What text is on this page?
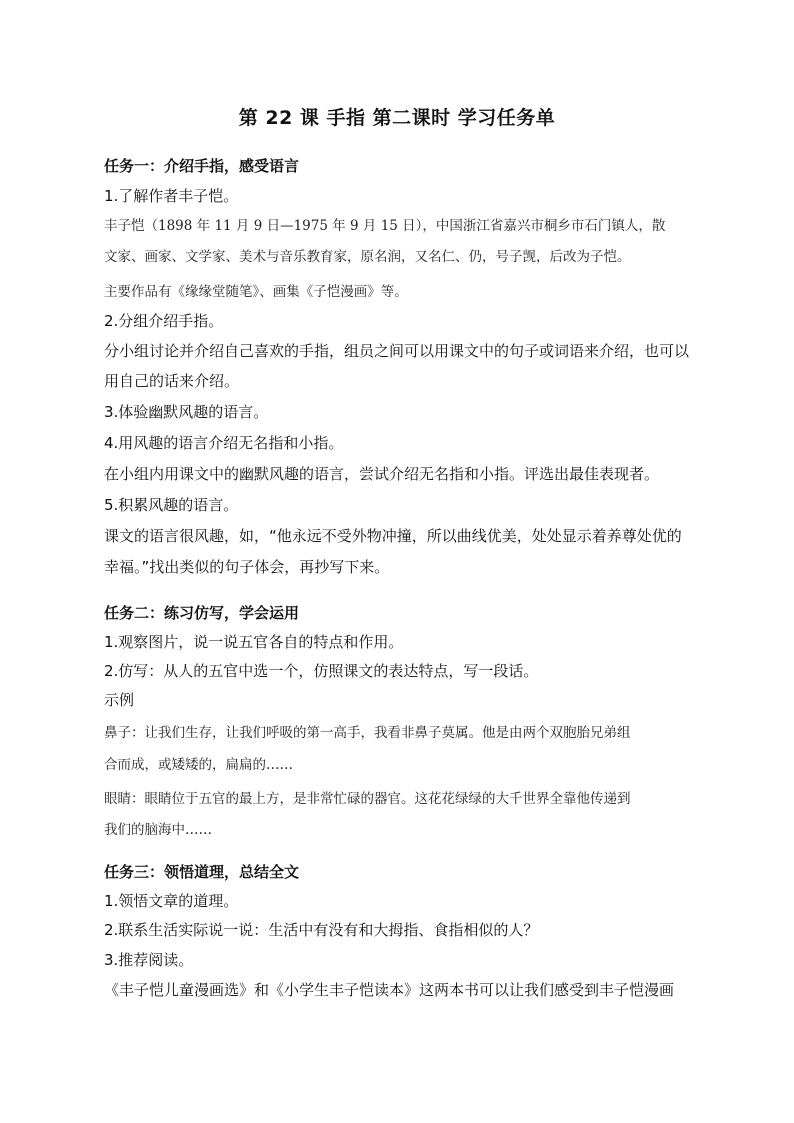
第 22 课 手指 第二课时 学习任务单
任务一：介绍手指，感受语言
1.了解作者丰子恺。
丰子恺（1898 年 11 月 9 日—1975 年 9 月 15 日），中国浙江省嘉兴市桐乡市石门镇人，散
文家、画家、文学家、美术与音乐教育家，原名润，又名仁、仍，号子觊，后改为子恺。
主要作品有《缘缘堂随笔》、画集《子恺漫画》等。
2.分组介绍手指。
分小组讨论并介绍自己喜欢的手指，组员之间可以用课文中的句子或词语来介绍，也可以
用自己的话来介绍。
3.体验幽默风趣的语言。
4.用风趣的语言介绍无名指和小指。
在小组内用课文中的幽默风趣的语言，尝试介绍无名指和小指。评选出最佳表现者。
5.积累风趣的语言。
课文的语言很风趣，如，“他永远不受外物冲撞，所以曲线优美，处处显示着养尊处优的
幸福。”找出类似的句子体会，再抄写下来。
任务二：练习仿写，学会运用
1.观察图片，说一说五官各自的特点和作用。
2.仿写：从人的五官中选一个，仿照课文的表达特点，写一段话。
示例
鼻子：让我们生存，让我们呼吸的第一高手，我看非鼻子莫属。他是由两个双胞胎兄弟组
合而成，或矮矮的，扁扁的……
眼睛：眼睛位于五官的最上方，是非常忙碌的器官。这花花绿绿的大千世界全靠他传递到
我们的脑海中……
任务三：领悟道理，总结全文
1.领悟文章的道理。
2.联系生活实际说一说：生活中有没有和大拇指、食指相似的人？
3.推荐阅读。
《丰子恺儿童漫画选》和《小学生丰子恺读本》这两本书可以让我们感受到丰子恺漫画
